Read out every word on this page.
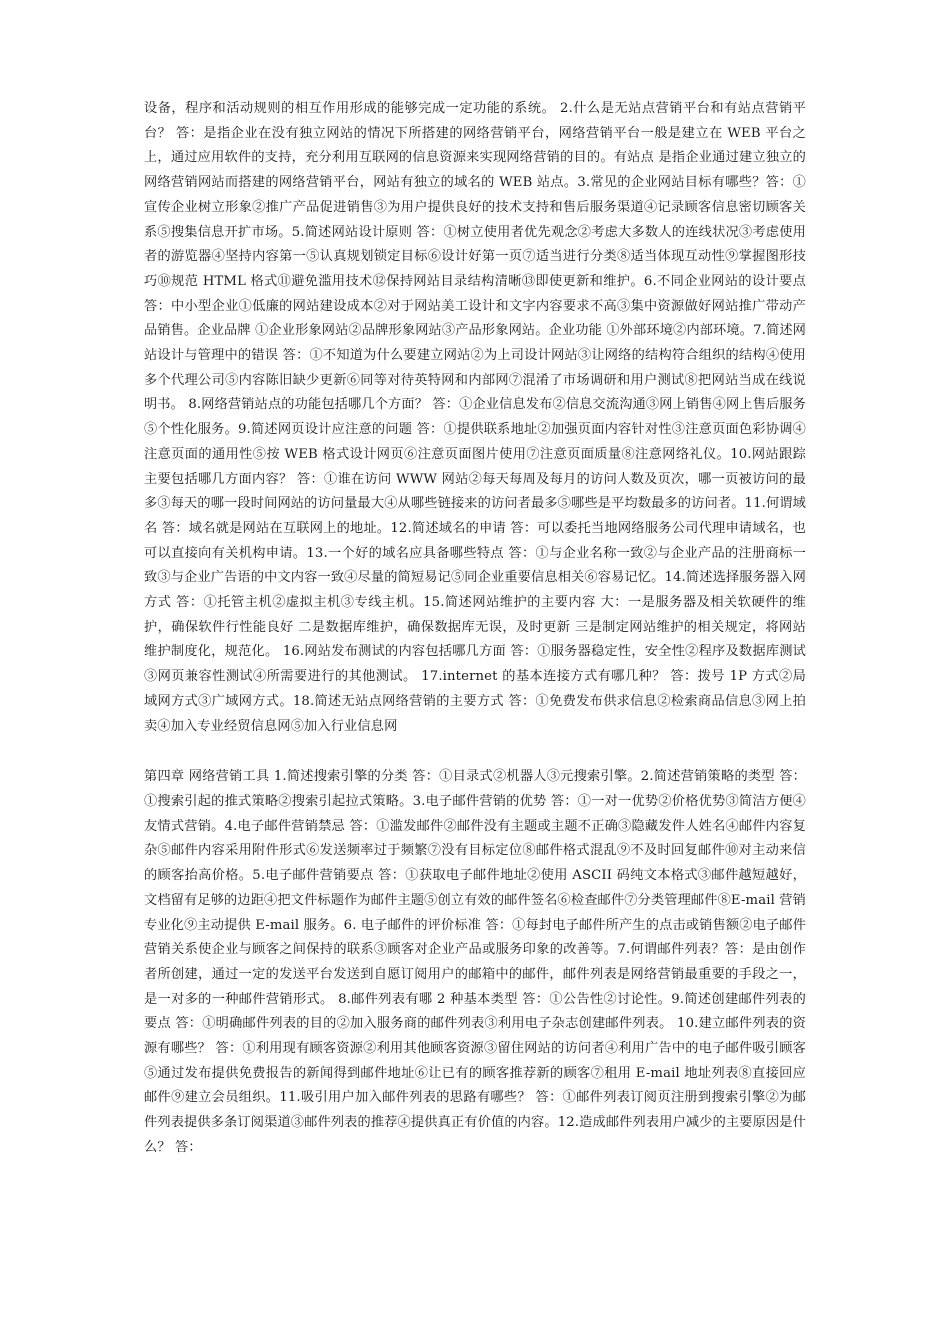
设备，程序和活动规则的相互作用形成的能够完成一定功能的系统。 2.什么是无站点营销平台和有站点营销平台？ 答：是指企业在没有独立网站的情况下所搭建的网络营销平台，网络营销平台一般是建立在 WEB 平台之上，通过应用软件的支持，充分利用互联网的信息资源来实现网络营销的目的。有站点 是指企业通过建立独立的网络营销网站而搭建的网络营销平台，网站有独立的域名的 WEB 站点。3.常见的企业网站目标有哪些？答：①宣传企业树立形象②推广产品促进销售③为用户提供良好的技术支持和售后服务渠道④记录顾客信息密切顾客关系⑤搜集信息开扩市场。5.简述网站设计原则 答：①树立使用者优先观念②考虑大多数人的连线状况③考虑使用者的游览器④坚持内容第一⑤认真规划锁定目标⑥设计好第一页⑦适当进行分类⑧适当体现互动性⑨掌握图形技巧⑩规范 HTML 格式⑪避免滥用技术⑫保持网站目录结构清晰⑬即使更新和维护。6.不同企业网站的设计要点 答：中小型企业①低廉的网站建设成本②对于网站美工设计和文字内容要求不高③集中资源做好网站推广带动产品销售。企业品牌 ①企业形象网站②品牌形象网站③产品形象网站。企业功能 ①外部环境②内部环境。7.简述网站设计与管理中的错误 答：①不知道为什么要建立网站②为上司设计网站③让网络的结构符合组织的结构④使用多个代理公司⑤内容陈旧缺少更新⑥同等对待英特网和内部网⑦混淆了市场调研和用户测试⑧把网站当成在线说明书。 8.网络营销站点的功能包括哪几个方面？ 答：①企业信息发布②信息交流沟通③网上销售④网上售后服务⑤个性化服务。9.简述网页设计应注意的问题 答：①提供联系地址②加强页面内容针对性③注意页面色彩协调④注意页面的通用性⑤按 WEB 格式设计网页⑥注意页面图片使用⑦注意页面质量⑧注意网络礼仪。10.网站跟踪主要包括哪几方面内容？ 答：①谁在访问 WWW 网站②每天每周及每月的访问人数及页次，哪一页被访问的最多③每天的哪一段时间网站的访问量最大④从哪些链接来的访问者最多⑤哪些是平均数最多的访问者。11.何谓域名 答：域名就是网站在互联网上的地址。12.简述域名的申请 答：可以委托当地网络服务公司代理申请域名，也可以直接向有关机构申请。13.一个好的域名应具备哪些特点 答：①与企业名称一致②与企业产品的注册商标一致③与企业广告语的中文内容一致④尽量的简短易记⑤同企业重要信息相关⑥容易记忆。14.简述选择服务器入网方式 答：①托管主机②虚拟主机③专线主机。15.简述网站维护的主要内容 大：一是服务器及相关软硬件的维护，确保软件行性能良好 二是数据库维护，确保数据库无误，及时更新 三是制定网站维护的相关规定，将网站维护制度化，规范化。 16.网站发布测试的内容包括哪几方面 答：①服务器稳定性，安全性②程序及数据库测试③网页兼容性测试④所需要进行的其他测试。 17.internet 的基本连接方式有哪几种？ 答：拨号 1P 方式②局域网方式③广域网方式。18.简述无站点网络营销的主要方式 答：①免费发布供求信息②检索商品信息③网上拍卖④加入专业经贸信息网⑤加入行业信息网

第四章 网络营销工具 1.简述搜索引擎的分类 答：①目录式②机器人③元搜索引擎。2.简述营销策略的类型 答：①搜索引起的推式策略②搜索引起拉式策略。3.电子邮件营销的优势 答：①一对一优势②价格优势③简洁方便④友情式营销。4.电子邮件营销禁忌 答：①滥发邮件②邮件没有主题或主题不正确③隐藏发件人姓名④邮件内容复杂⑤邮件内容采用附件形式⑥发送频率过于频繁⑦没有目标定位⑧邮件格式混乱⑨不及时回复邮件⑩对主动来信的顾客抬高价格。5.电子邮件营销要点 答：①获取电子邮件地址②使用 ASCII 码纯文本格式③邮件越短越好，文档留有足够的边距④把文件标题作为邮件主题⑤创立有效的邮件签名⑥检查邮件⑦分类管理邮件⑧E-mail 营销专业化⑨主动提供 E-mail 服务。6. 电子邮件的评价标准 答：①每封电子邮件所产生的点击或销售额②电子邮件营销关系使企业与顾客之间保持的联系③顾客对企业产品或服务印象的改善等。7.何谓邮件列表？答：是由创作者所创建，通过一定的发送平台发送到自愿订阅用户的邮箱中的邮件，邮件列表是网络营销最重要的手段之一，是一对多的一种邮件营销形式。 8.邮件列表有哪 2 种基本类型 答：①公告性②讨论性。9.简述创建邮件列表的要点 答：①明确邮件列表的目的②加入服务商的邮件列表③利用电子杂志创建邮件列表。 10.建立邮件列表的资源有哪些？ 答：①利用现有顾客资源②利用其他顾客资源③留住网站的访问者④利用广告中的电子邮件吸引顾客⑤通过发布提供免费报告的新闻得到邮件地址⑥让已有的顾客推荐新的顾客⑦租用 E-mail 地址列表⑧直接回应邮件⑨建立会员组织。11.吸引用户加入邮件列表的思路有哪些？ 答：①邮件列表订阅页注册到搜索引擎②为邮件列表提供多条订阅渠道③邮件列表的推荐④提供真正有价值的内容。12.造成邮件列表用户减少的主要原因是什么？ 答：
